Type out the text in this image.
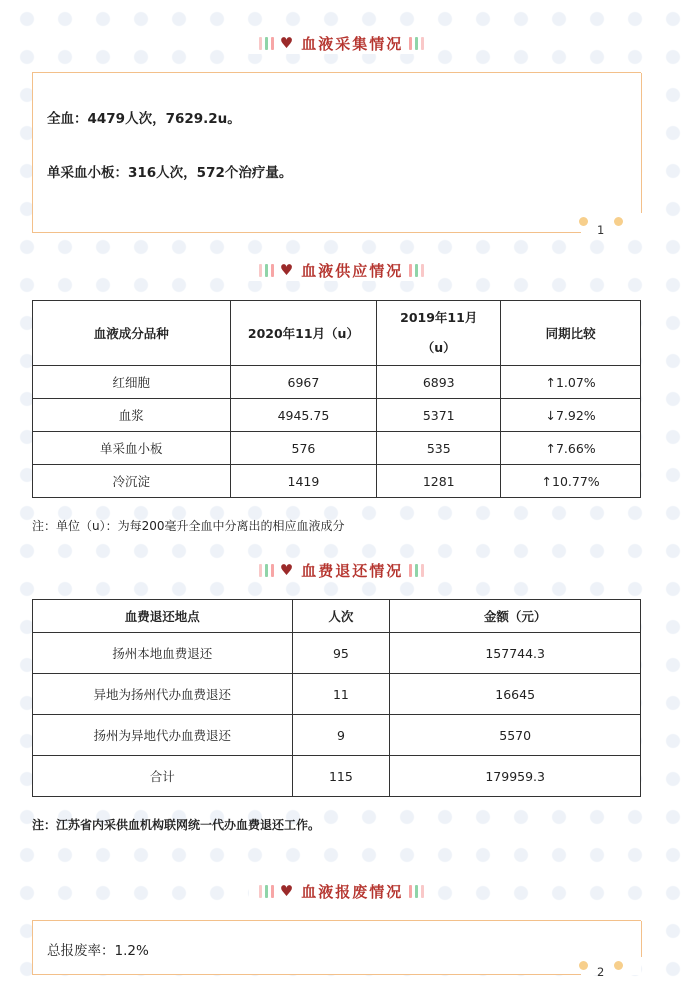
♥ 血液采集情况

全血：4479人次，7629.2u。

单采血小板：316人次，572个治疗量。

1
♥ 血液供应情况
血液成分品种	2020年11月（u）	2019年11月（u）	同期比较
红细胞	6967	6893	↑1.07%
血浆	4945.75	5371	↓7.92%
单采血小板	576	535	↑7.66%
冷沉淀	1419	1281	↑10.77%
注：单位（u）：为每200毫升全血中分离出的相应血液成分
♥ 血费退还情况
血费退还地点	人次	金额（元）
扬州本地血费退还	95	157744.3
异地为扬州代办血费退还	11	16645
扬州为异地代办血费退还	9	5570
合计	115	179959.3
注：江苏省内采供血机构联网统一代办血费退还工作。
♥ 血液报废情况

总报废率：1.2%

2
